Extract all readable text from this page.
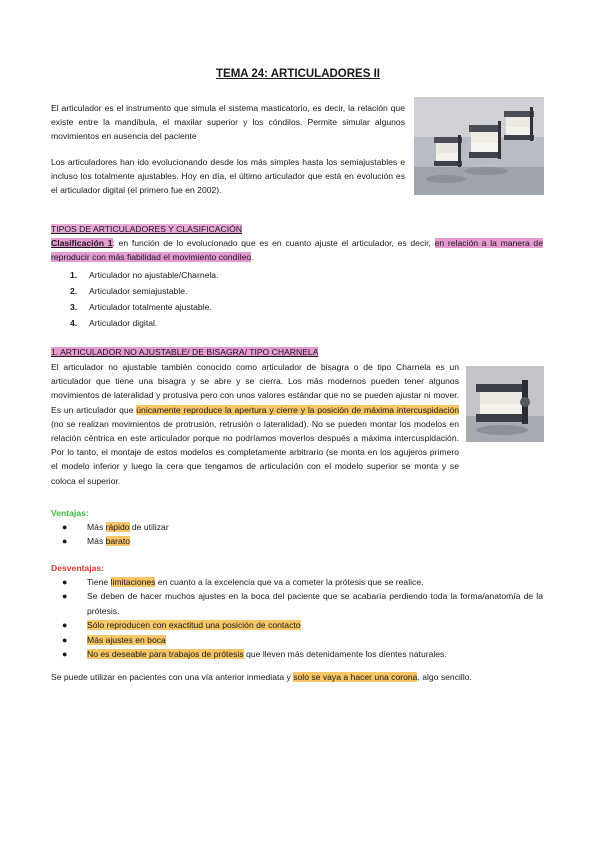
TEMA 24: ARTICULADORES II
El articulador es el instrumento que simula el sistema masticatorio, es decir, la relación que existe entre la mandíbula, el maxilar superior y los cóndilos. Permite simular algunos movimientos en ausencia del paciente
Los articuladores han ido evolucionando desde los más simples hasta los semiajustables e incluso los totalmente ajustables. Hoy en día, el último articulador que está en evolución es el articulador digital (el primero fue en 2002).
TIPOS DE ARTICULADORES Y CLASIFICACIÓN
Clasificación 1: en función de lo evolucionado que es en cuanto ajuste el articulador, es decir, en relación a la manera de reproducir con más fiabilidad el movimiento condíleo.
1. Articulador no ajustable/Charnela.
2. Articulador semiajustable.
3. Articulador totalmente ajustable.
4. Articulador digital.
1. ARTICULADOR NO AJUSTABLE/ DE BISAGRA/ TIPO CHARNELA
El articulador no ajustable también conocido como articulador de bisagra o de tipo Charnela es un articulador que tiene una bisagra y se abre y se cierra. Los más modernos pueden tener algunos movimientos de lateralidad y protusiva pero con unos valores estándar que no se pueden ajustar ni mover. Es un articulador que únicamente reproduce la apertura y cierre y la posición de máxima intercuspidación (no se realizan movimientos de protrusión, retrusión o lateralidad). No se pueden montar los modelos en relación céntrica en este articulador porque no podríamos moverlos después a máxima intercuspidación. Por lo tanto, el montaje de estos modelos es completamente arbitrario (se monta en los agujeros primero el modelo inferior y luego la cera que tengamos de articulación con el modelo superior se monta y se coloca el superior.
Ventajas:
● Más rápido de utilizar
● Más barato
Desventajas:
● Tiene limitaciones en cuanto a la excelencia que va a cometer la prótesis que se realice.
● Se deben de hacer muchos ajustes en la boca del paciente que se acabaría perdiendo toda la forma/anatomía de la prótesis.
● Sólo reproducen con exactitud una posición de contacto
● Más ajustes en boca
● No es deseable para trabajos de prótesis que lleven más detenidamente los dientes naturales.
Se puede utilizar en pacientes con una vía anterior inmediata y solo se vaya a hacer una corona, algo sencillo.
